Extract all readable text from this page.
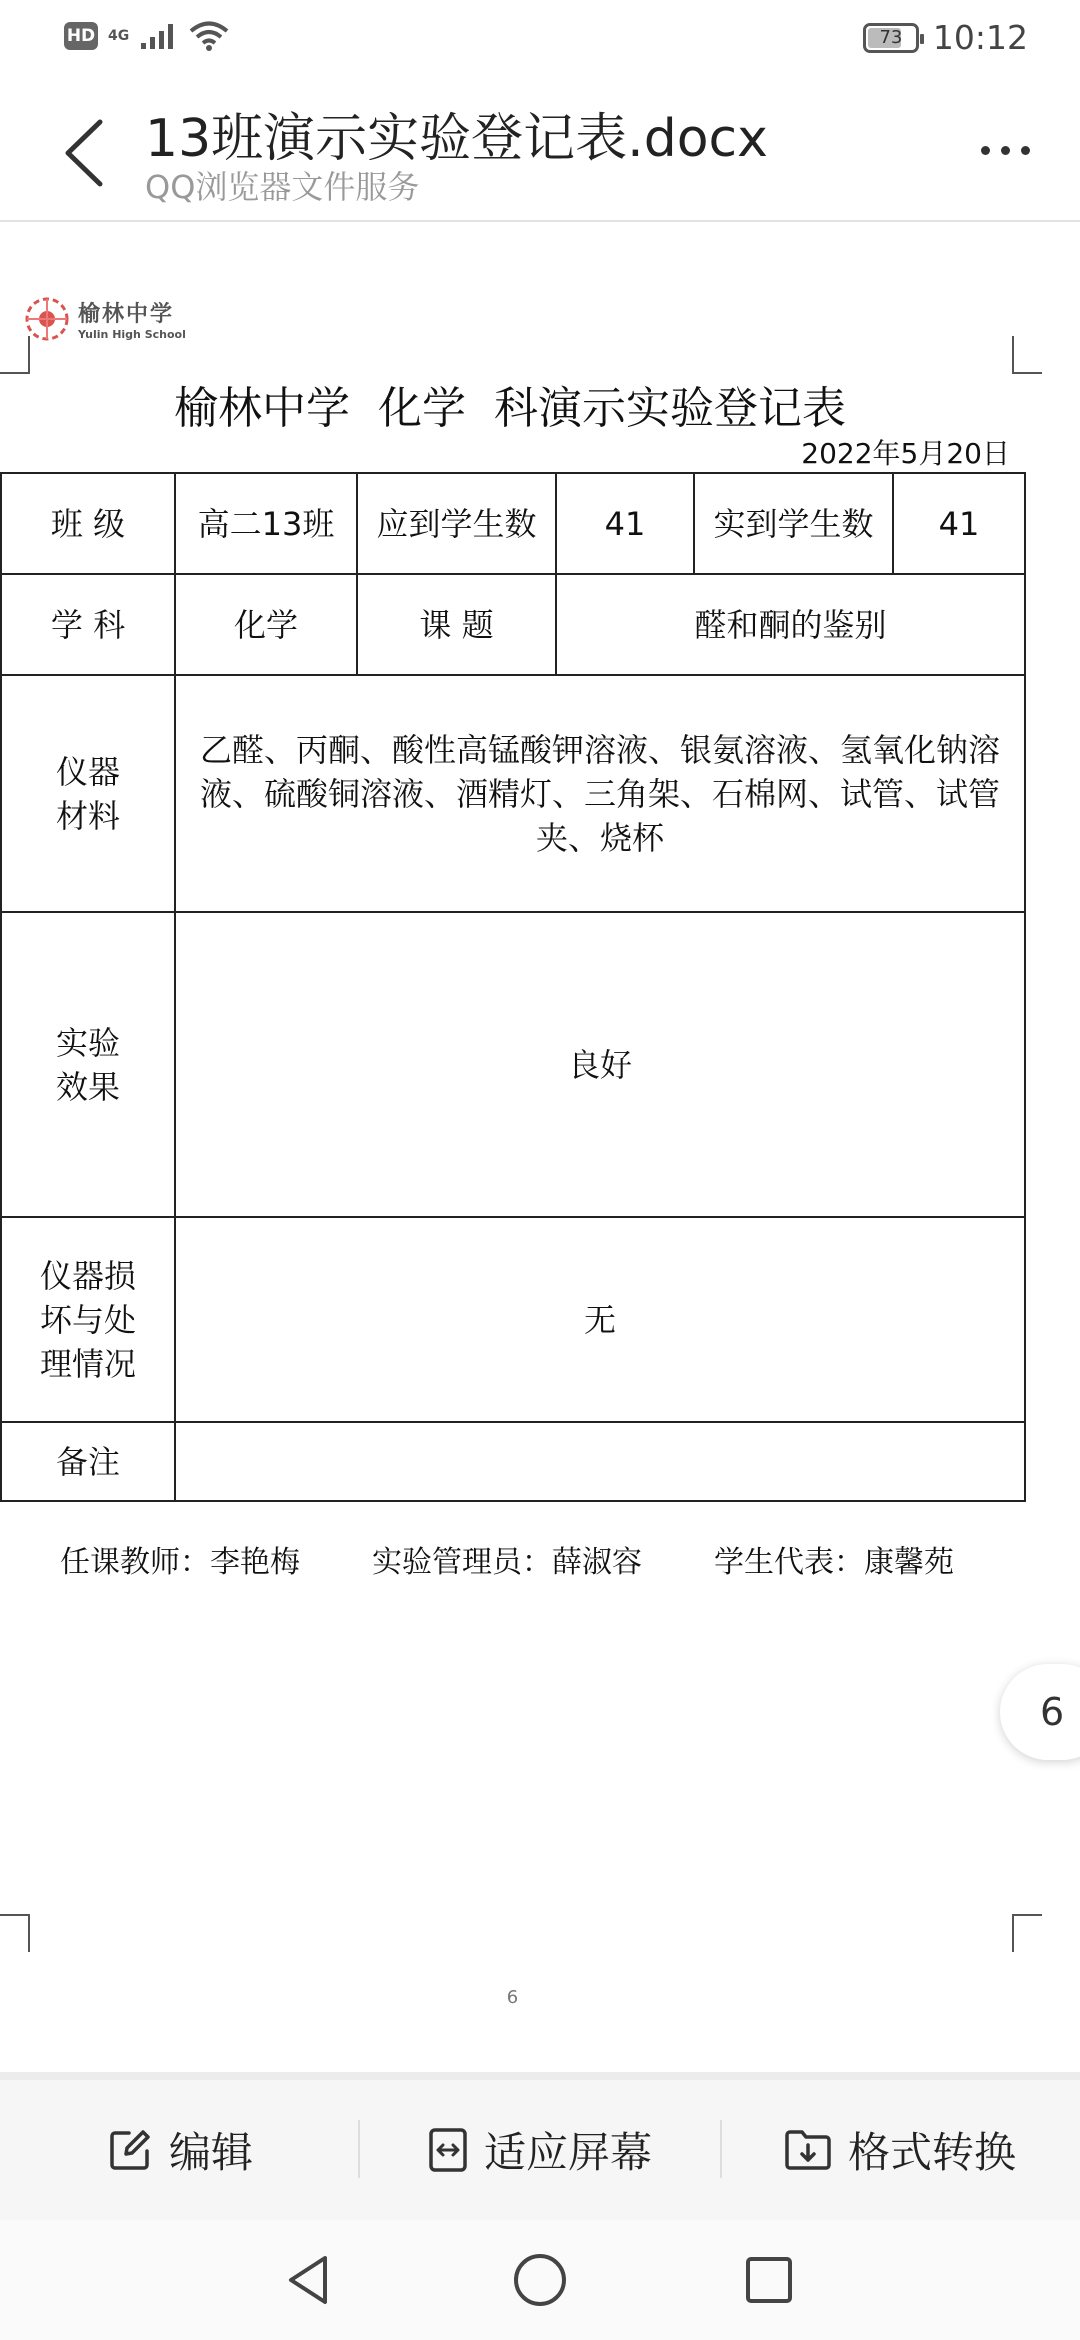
HD 4G	73 10:12
13班演示实验登记表.docx
QQ浏览器文件服务
榆林中学
Yulin High School
榆林中学  化学  科演示实验登记表
2022年5月20日
班 级	高二13班	应到学生数	41	实到学生数	41
学 科	化学	课 题	醛和酮的鉴别		
仪器
材料	乙醛、丙酮、酸性高锰酸钾溶液、银氨溶液、氢氧化钠溶液、硫酸铜溶液、酒精灯、三角架、石棉网、试管、试管夹、烧杯				
实验
效果	良好				
仪器损
坏与处
理情况	无				
备注					
任课教师：李艳梅 实验管理员：薛淑容 学生代表：康馨苑
6
6
编辑	适应屏幕	格式转换
